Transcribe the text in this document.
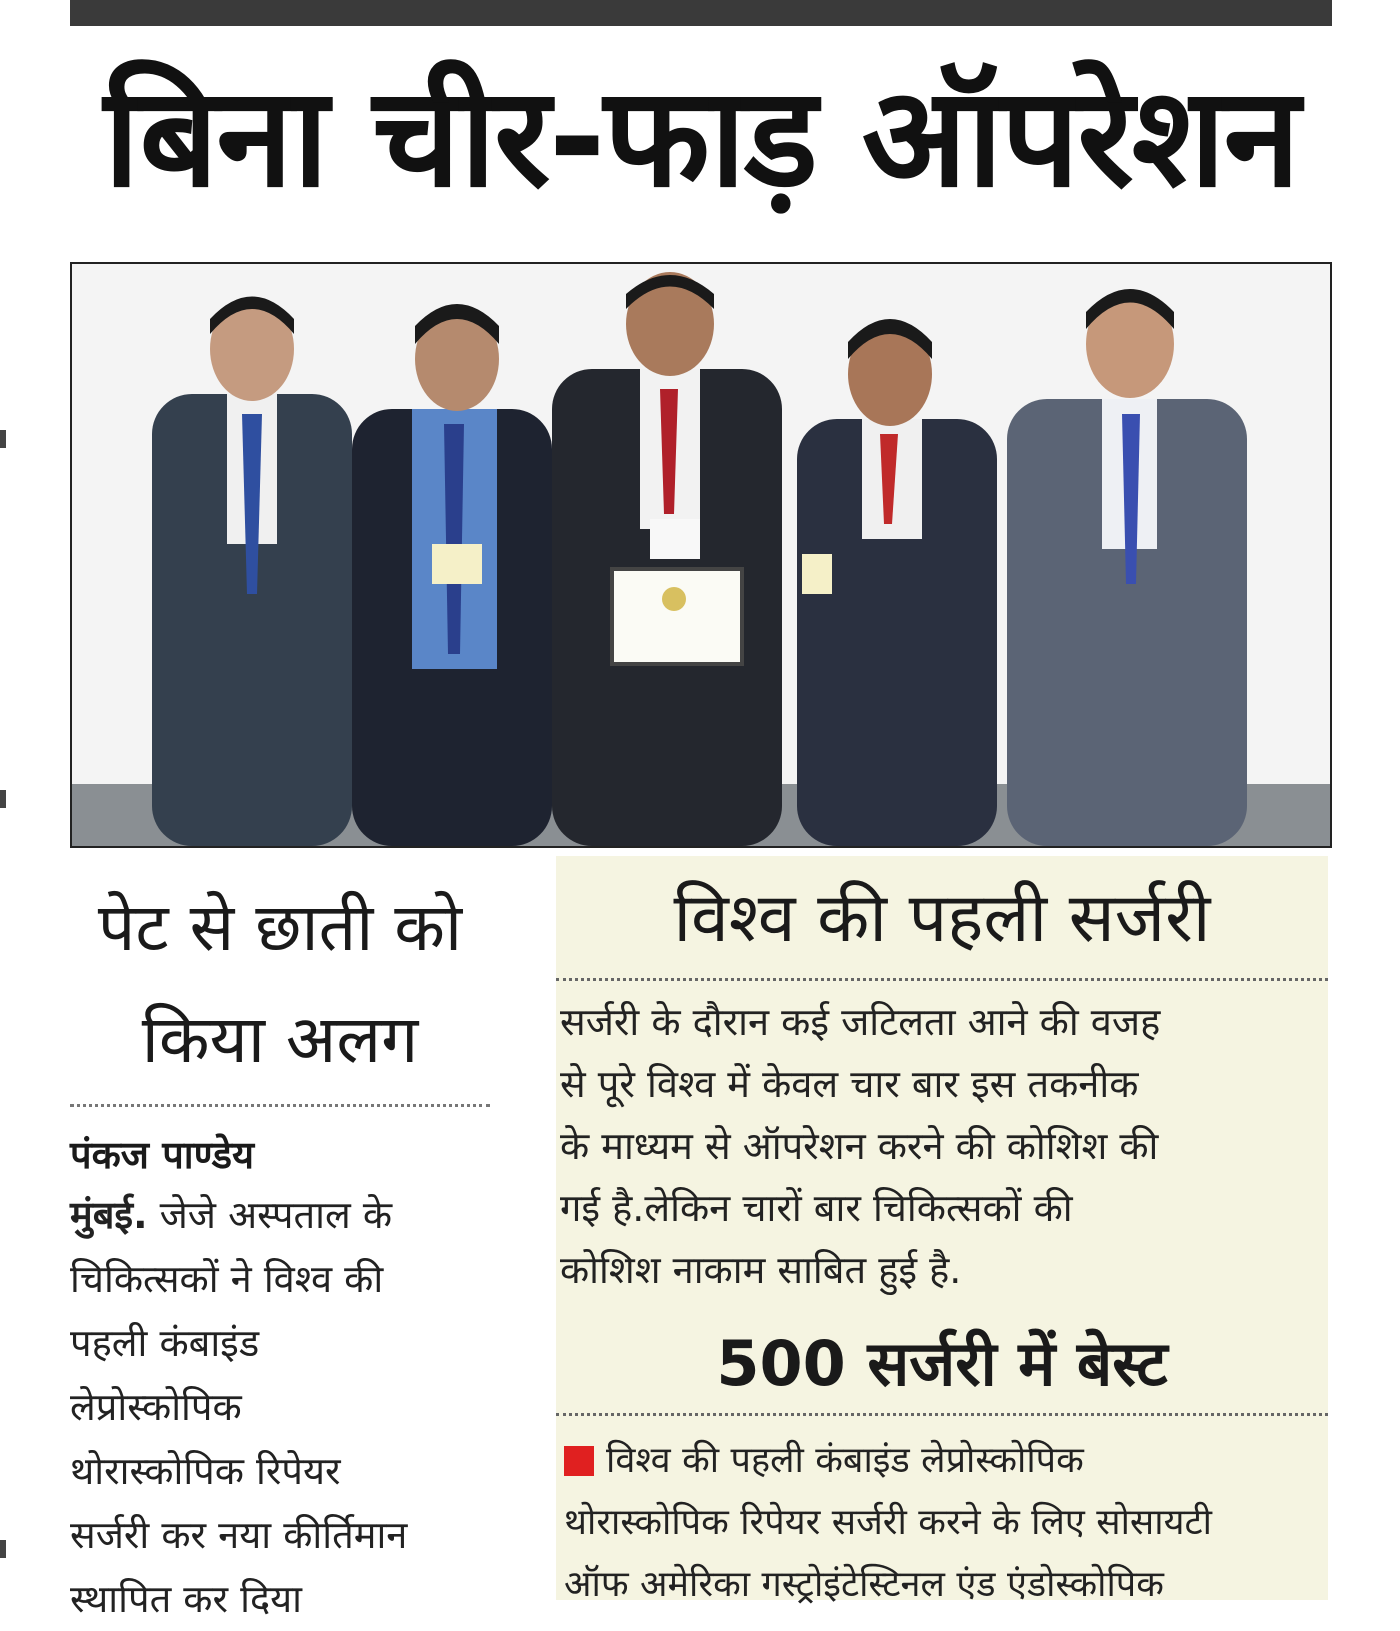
बिना चीर-फाड़ ऑपरेशन

पेट से छाती को

किया अलग

पंकज पाण्डेय

मुंबई. जेजे अस्पताल के
चिकित्सकों ने विश्व की
पहली कंबाइंड
लेप्रोस्कोपिक
थोरास्कोपिक रिपेयर
सर्जरी कर नया कीर्तिमान
स्थापित कर दिया

विश्व की पहली सर्जरी

सर्जरी के दौरान कई जटिलता आने की वजह
से पूरे विश्व में केवल चार बार इस तकनीक
के माध्यम से ऑपरेशन करने की कोशिश की
गई है.लेकिन चारों बार चिकित्सकों की
कोशिश नाकाम साबित हुई है.

500 सर्जरी में बेस्ट

विश्व की पहली कंबाइंड लेप्रोस्कोपिक
थोरास्कोपिक रिपेयर सर्जरी करने के लिए सोसायटी
ऑफ अमेरिका गस्ट्रोइंटेस्टिनल एंड एंडोस्कोपिक
